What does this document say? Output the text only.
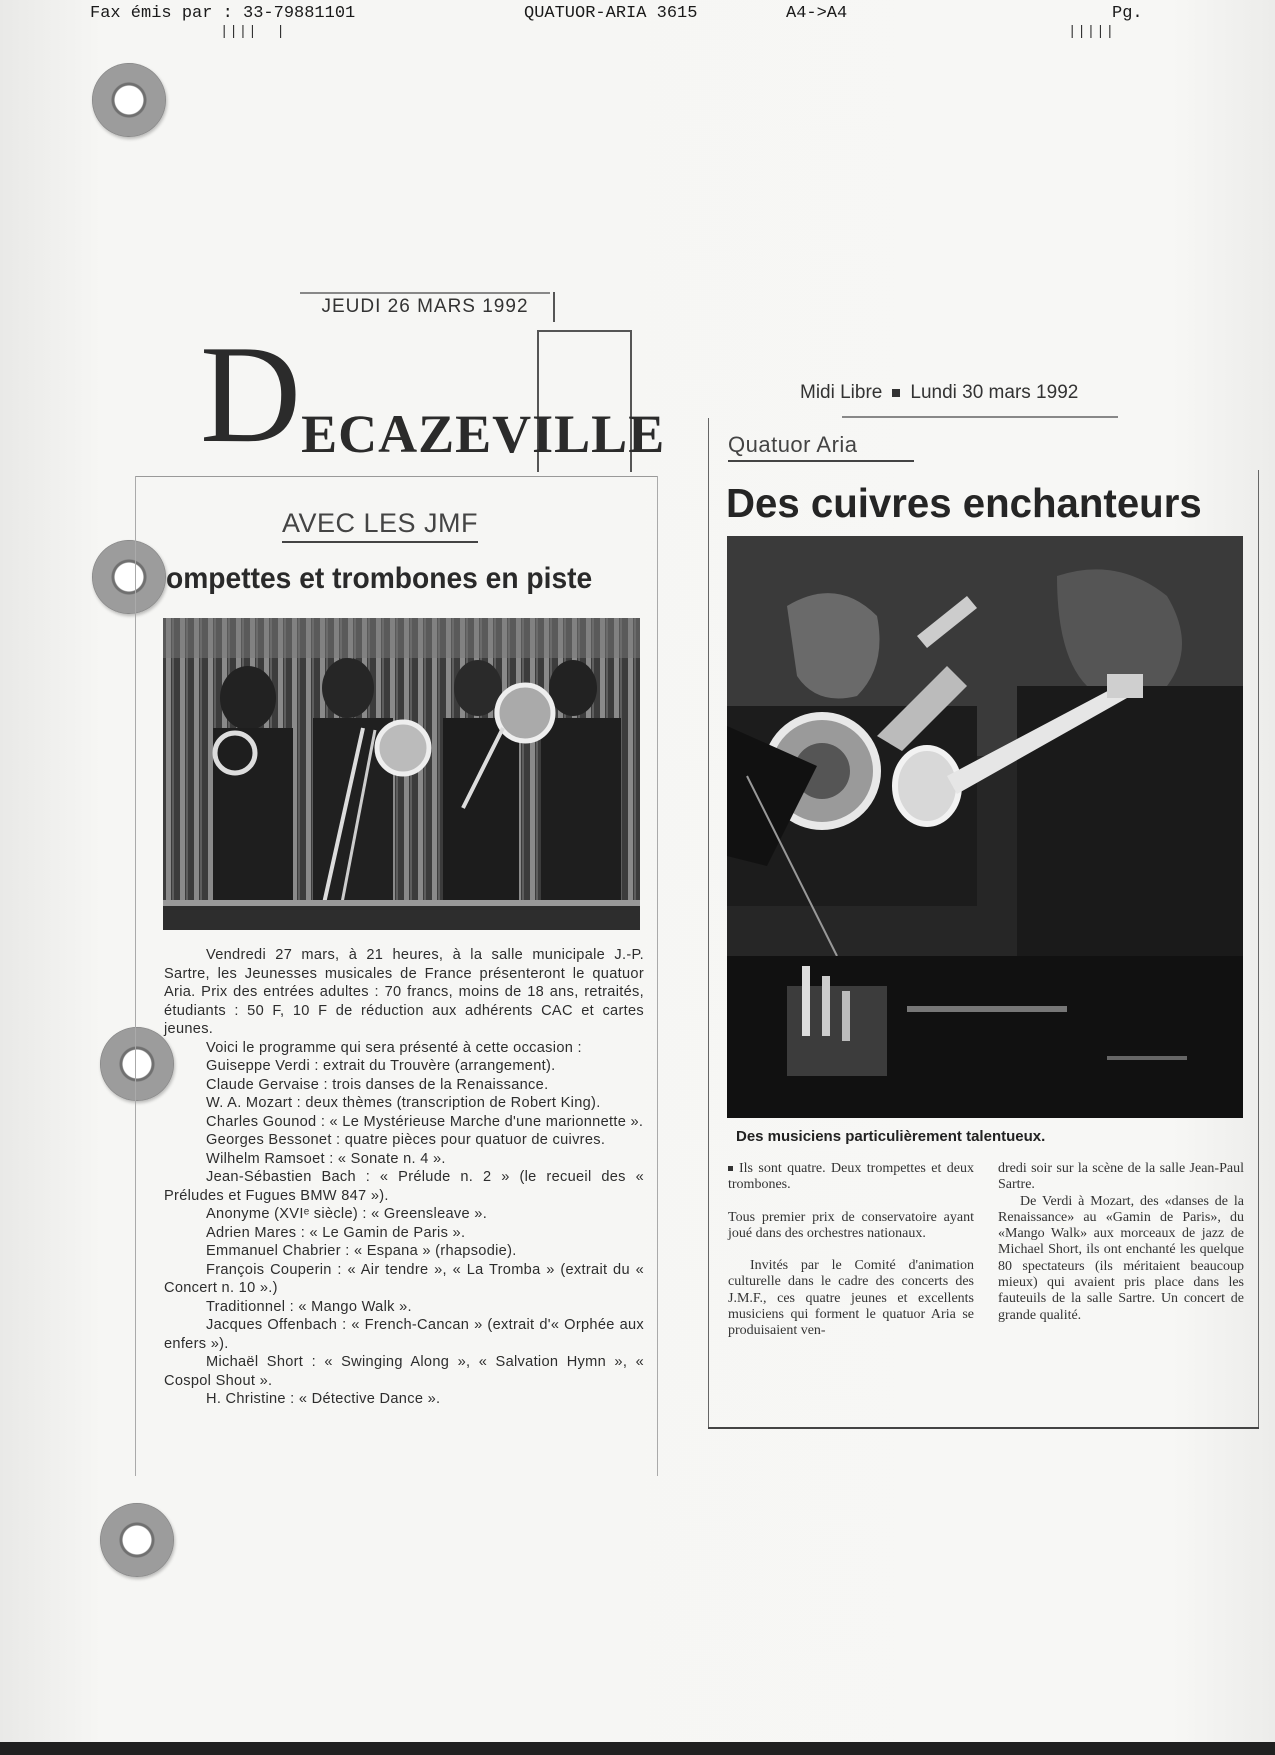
Fax émis par : 33-79881101	QUATUOR-ARIA 3615	A4->A4	Pg.
||||  |	|||||
JEUDI 26 MARS 1992
DECAZEVILLE
AVEC LES JMF
ompettes et trombones en piste

Vendredi 27 mars, à 21 heures, à la salle municipale J.-P. Sartre, les Jeunesses musicales de France présenteront le quatuor Aria. Prix des entrées adultes : 70 francs, moins de 18 ans, retraités, étudiants : 50 F, 10 F de réduction aux adhérents CAC et cartes jeunes.

Voici le programme qui sera présenté à cette occasion :

Guiseppe Verdi : extrait du Trouvère (arrangement).

Claude Gervaise : trois danses de la Renaissance.

W. A. Mozart : deux thèmes (transcription de Robert King).

Charles Gounod : « Le Mystérieuse Marche d'une marionnette ».

Georges Bessonet : quatre pièces pour quatuor de cuivres.

Wilhelm Ramsoet : « Sonate n. 4 ».

Jean-Sébastien Bach : « Prélude n. 2 » (le recueil des « Préludes et Fugues BMW 847 »).

Anonyme (XVIᵉ siècle) : « Greensleave ».

Adrien Mares : « Le Gamin de Paris ».

Emmanuel Chabrier : « Espana » (rhapsodie).

François Couperin : « Air tendre », « La Tromba » (extrait du « Concert n. 10 ».)

Traditionnel : « Mango Walk ».

Jacques Offenbach : « French-Cancan » (extrait d'« Orphée aux enfers »).

Michaël Short : « Swinging Along », « Salvation Hymn », « Cospol Shout ».

H. Christine : « Détective Dance ».

Midi Libre Lundi 30 mars 1992
Quatuor Aria
Des cuivres enchanteurs
Des musiciens particulièrement talentueux.

Ils sont quatre. Deux trompettes et deux trombones.

Tous premier prix de conservatoire ayant joué dans des orchestres nationaux.

Invités par le Comité d'animation culturelle dans le cadre des concerts des J.M.F., ces quatre jeunes et excellents musiciens qui forment le quatuor Aria se produisaient ven-

dredi soir sur la scène de la salle Jean-Paul Sartre.

De Verdi à Mozart, des «danses de la Renaissance» au «Gamin de Paris», du «Mango Walk» aux morceaux de jazz de Michael Short, ils ont enchanté les quelque 80 spectateurs (ils méritaient beaucoup mieux) qui avaient pris place dans les fauteuils de la salle Sartre. Un concert de grande qualité.
